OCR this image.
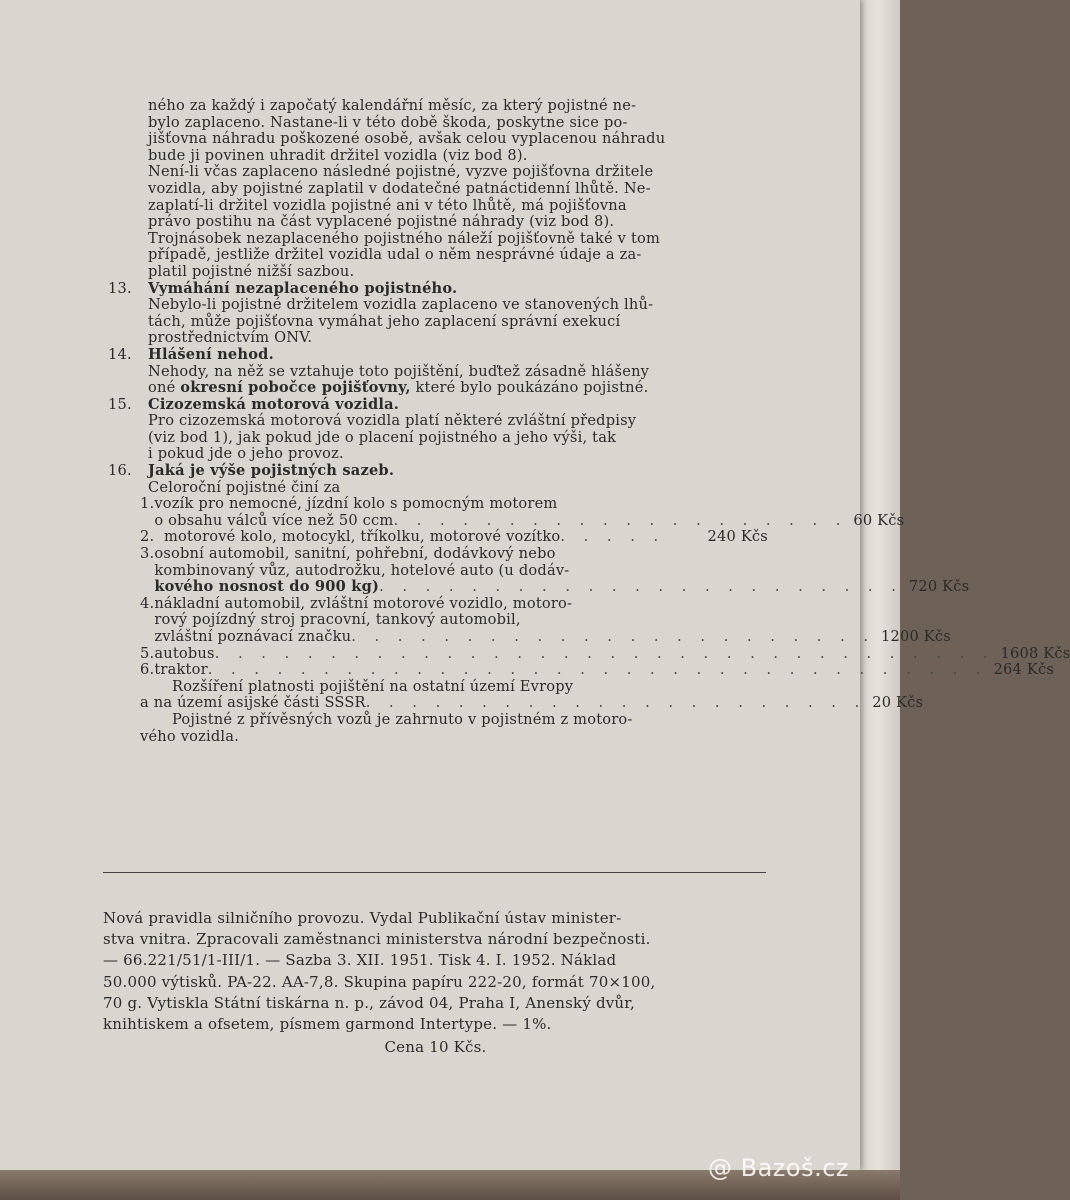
ného za každý i započatý kalendářní měsíc, za který pojistné ne-
bylo zaplaceno. Nastane-li v této době škoda, poskytne sice po-
jišťovna náhradu poškozené osobě, avšak celou vyplacenou náhradu
bude ji povinen uhradit držitel vozidla (viz bod 8).
Není-li včas zaplaceno následné pojistné, vyzve pojišťovna držitele
vozidla, aby pojistné zaplatil v dodatečné patnáctidenní lhůtě. Ne-
zaplatí-li držitel vozidla pojistné ani v této lhůtě, má pojišťovna
právo postihu na část vyplacené pojistné náhrady (viz bod 8).
Trojnásobek nezaplaceného pojistného náleží pojišťovně také v tom
případě, jestliže držitel vozidla udal o něm nesprávné údaje a za-
platil pojistné nižší sazbou.
13.	Vymáhání nezaplaceného pojistného.
Nebylo-li pojistné držitelem vozidla zaplaceno ve stanovených lhů-
tách, může pojišťovna vymáhat jeho zaplacení správní exekucí
prostřednictvím ONV.
14.	Hlášení nehod.
Nehody, na něž se vztahuje toto pojištění, buďtež zásadně hlášeny
oné okresní pobočce pojišťovny, které bylo poukázáno pojistné.
15.	Cizozemská motorová vozidla.
Pro cizozemská motorová vozidla platí některé zvláštní předpisy
(viz bod 1), jak pokud jde o placení pojistného a jeho výši, tak
i pokud jde o jeho provoz.
16.	Jaká je výše pojistných sazeb.
Celoroční pojistné činí za
1. vozík pro nemocné, jízdní kolo s pomocným motorem
o obsahu válců více než 50 ccm . . . . . . . . . . . . . . . . . . . . 60 Kčs
2. motorové kolo, motocykl, tříkolku, motorové vozítko . . . . .	240 Kčs
3. osobní automobil, sanitní, pohřební, dodávkový nebo
kombinovaný vůz, autodrožku, hotelové auto (u dodáv-
kového nosnost do 900 kg) . . . . . . . . . . . . . . . . . . . . . . . 720 Kčs
4. nákladní automobil, zvláštní motorové vozidlo, motoro-
rový pojízdný stroj pracovní, tankový automobil,
zvláštní poznávací značku . . . . . . . . . . . . . . . . . . . . . . . 1200 Kčs
5. autobus . . . . . . . . . . . . . . . . . . . . . . . . . . . . . . . . . . 1608 Kčs
6. traktor . . . . . . . . . . . . . . . . . . . . . . . . . . . . . . . . . . 264 Kčs
Rozšíření platnosti pojištění na ostatní území Evropy
a na území asijské části SSSR . . . . . . . . . . . . . . . . . . . . . . 20 Kčs
Pojistné z přívěsných vozů je zahrnuto v pojistném z motoro-
vého vozidla.
Nová pravidla silničního provozu. Vydal Publikační ústav minister-
stva vnitra. Zpracovali zaměstnanci ministerstva národní bezpečnosti.
— 66.221/51/1-III/1. — Sazba 3. XII. 1951. Tisk 4. I. 1952. Náklad
50.000 výtisků. PA-22. AA-7,8. Skupina papíru 222-20, formát 70×100,
70 g. Vytiskla Státní tiskárna n. p., závod 04, Praha I, Anenský dvůr,
knihtiskem a ofsetem, písmem garmond Intertype. — 1%.
Cena 10 Kčs.
@ Bazoš.cz
